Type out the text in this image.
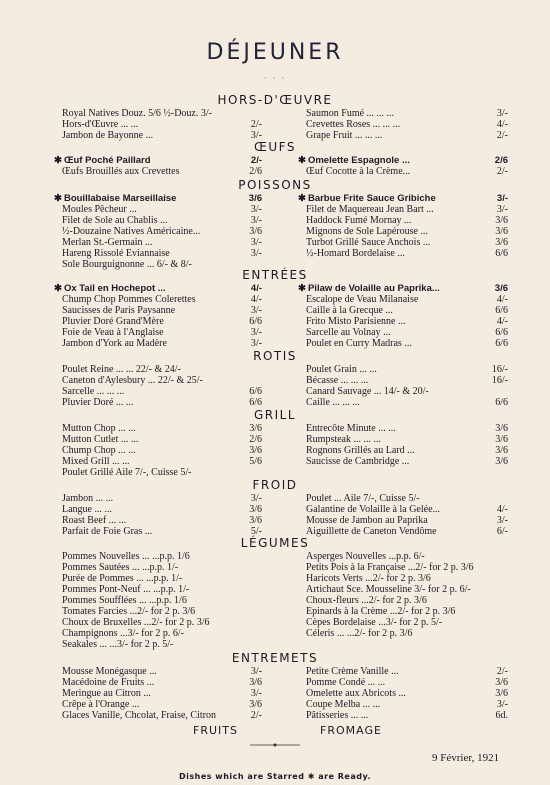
DÉJEUNER
· · ·
HORS-D'ŒUVRE
Royal Natives Douz. 5/6 ½-Douz. 3/-
Hors-d'Œuvre ... ...	2/-
Jambon de Bayonne ...	3/-
Saumon Fumé ... ... ...	3/-
Crevettes Roses ... ... ...	4/-
Grape Fruit ... ... ...	2/-
ŒUFS
✱ Œuf Poché Paillard	2/-
Œufs Brouillés aux Crevettes	2/6
✱ Omelette Espagnole ...	2/6
Œuf Cocotte à la Crème...	2/-
POISSONS
✱ Bouillabaise Marseillaise	3/6
Moules Pêcheur ...	3/-
Filet de Sole au Chablis ...	3/-
½-Douzaine Natives Américaine...	3/6
Merlan St.-Germain ...	3/-
Hareng Rissolé Eviannaise	3/-
Sole Bourguignonne ... 6/- & 8/-
✱ Barbue Frite Sauce Gribiche	3/-
Filet de Maquereau Jean Bart ...	3/-
Haddock Fumé Mornay ...	3/6
Mignons de Sole Lapérouse ...	3/6
Turbot Grillé Sauce Anchois ...	3/6
½-Homard Bordelaise ...	6/6
ENTRÉES
✱ Ox Tail en Hochepot ...	4/-
Chump Chop Pommes Colerettes	4/-
Saucisses de Paris Paysanne	3/-
Pluvier Doré Grand'Mère	6/6
Foie de Veau à l'Anglaise	3/-
Jambon d'York au Madère	3/-
✱ Pilaw de Volaille au Paprika...	3/6
Escalope de Veau Milanaise	4/-
Caille à la Grecque ...	6/6
Frito Misto Parisienne ...	4/-
Sarcelle au Volnay ...	6/6
Poulet en Curry Madras ...	6/6
ROTIS
Poulet Reine ... ... 22/- & 24/-
Caneton d'Aylesbury ... 22/- & 25/-
Sarcelle ... ... ...	6/6
Pluvier Doré ... ...	6/6
Poulet Grain ... ...	16/-
Bécasse ... ... ...	16/-
Canard Sauvage ... 14/- & 20/-
Caille ... ... ...	6/6
GRILL
Mutton Chop ... ...	3/6
Mutton Cutlet ... ...	2/6
Chump Chop ... ...	3/6
Mixed Grill ... ...	5/6
Poulet Grillé Aile 7/-, Cuisse 5/-
Entrecôte Minute ... ...	3/6
Rumpsteak ... ... ...	3/6
Rognons Grillés au Lard ...	3/6
Saucisse de Cambridge ...	3/6
FROID
Jambon ... ...	3/-
Langue ... ...	3/6
Roast Beef ... ...	3/6
Parfait de Foie Gras ...	5/-
Poulet ... Aile 7/-, Cuisse 5/-
Galantine de Volaille à la Gelée...	4/-
Mousse de Jambon au Paprika	3/-
Aiguillette de Caneton Vendôme	6/-
LÉGUMES
Pommes Nouvelles ... ...p.p. 1/6
Pommes Sautées ... ...p.p. 1/-
Purée de Pommes ... ...p.p. 1/-
Pommes Pont-Neuf ... ...p.p. 1/-
Pommes Soufflées ... ...p.p. 1/6
Tomates Farcies ...2/- for 2 p. 3/6
Choux de Bruxelles ...2/- for 2 p. 3/6
Champignons ...3/- for 2 p. 6/-
Seakales ... ...3/- for 2 p. 5/-
Asperges Nouvelles ...p.p. 6/-
Petits Pois à la Française ...2/- for 2 p. 3/6
Haricots Verts ...2/- for 2 p. 3/6
Artichaut Sce. Mousseline 3/- for 2 p. 6/-
Choux-fleurs ...2/- for 2 p. 3/6
Epinards à la Crème ...2/- for 2 p. 3/6
Cèpes Bordelaise ...3/- for 2 p. 5/-
Céleris ... ...2/- for 2 p. 3/6
ENTREMETS
Mousse Monégasque ...	3/-
Macédoine de Fruits ...	3/6
Meringue au Citron ...	3/-
Crêpe à l'Orange ...	3/6
Glaces Vanille, Chcolat, Fraise, Citron	2/-
Petite Crème Vanille ...	2/-
Pomme Condé ... ...	3/6
Omelette aux Abricots ...	3/6
Coupe Melba ... ...	3/-
Pâtisseries ... ...	6d.
FRUITS	FROMAGE
9 Février, 1921
Dishes which are Starred ✱ are Ready.
